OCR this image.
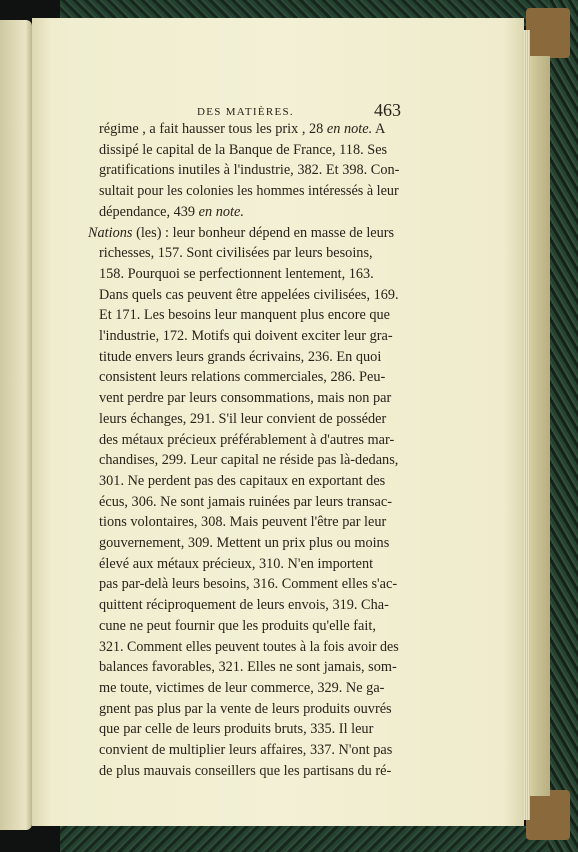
DES MATIÈRES.	463
régime , a fait hausser tous les prix , 28 en note. A
dissipé le capital de la Banque de France, 118. Ses
gratifications inutiles à l'industrie, 382. Et 398. Con-
sultait pour les colonies les hommes intéressés à leur
dépendance, 439 en note.
Nations (les) : leur bonheur dépend en masse de leurs
richesses, 157. Sont civilisées par leurs besoins,
158. Pourquoi se perfectionnent lentement, 163.
Dans quels cas peuvent être appelées civilisées, 169.
Et 171. Les besoins leur manquent plus encore que
l'industrie, 172. Motifs qui doivent exciter leur gra-
titude envers leurs grands écrivains, 236. En quoi
consistent leurs relations commerciales, 286. Peu-
vent perdre par leurs consommations, mais non par
leurs échanges, 291. S'il leur convient de posséder
des métaux précieux préférablement à d'autres mar-
chandises, 299. Leur capital ne réside pas là-dedans,
301. Ne perdent pas des capitaux en exportant des
écus, 306. Ne sont jamais ruinées par leurs transac-
tions volontaires, 308. Mais peuvent l'être par leur
gouvernement, 309. Mettent un prix plus ou moins
élevé aux métaux précieux, 310. N'en importent
pas par-delà leurs besoins, 316. Comment elles s'ac-
quittent réciproquement de leurs envois, 319. Cha-
cune ne peut fournir que les produits qu'elle fait,
321. Comment elles peuvent toutes à la fois avoir des
balances favorables, 321. Elles ne sont jamais, som-
me toute, victimes de leur commerce, 329. Ne ga-
gnent pas plus par la vente de leurs produits ouvrés
que par celle de leurs produits bruts, 335. Il leur
convient de multiplier leurs affaires, 337. N'ont pas
de plus mauvais conseillers que les partisans du ré-
